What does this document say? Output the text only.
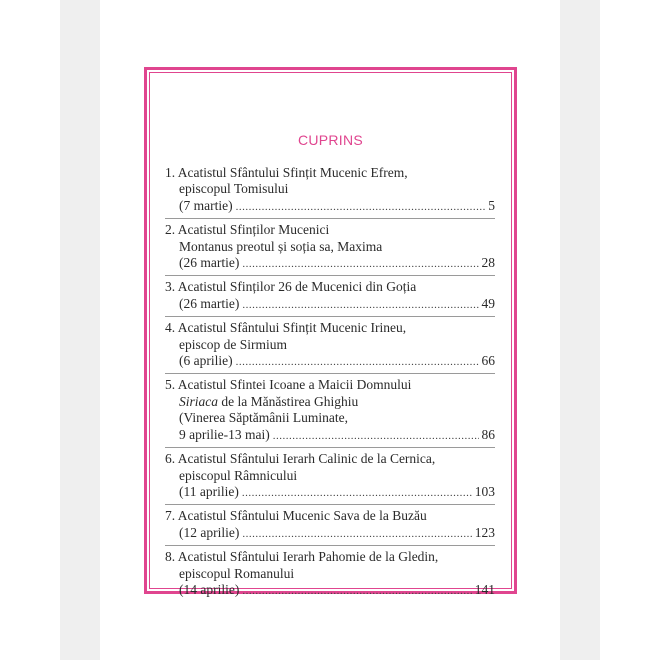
CUPRINS
1. Acatistul Sfântului Sfințit Mucenic Efrem,
episcopul Tomisului
(7 martie) .....	5
2. Acatistul Sfinților Mucenici
Montanus preotul și soția sa, Maxima
(26 martie) .....	28
3. Acatistul Sfinților 26 de Mucenici din Goția
(26 martie) .....	49
4. Acatistul Sfântului Sfințit Mucenic Irineu,
episcop de Sirmium
(6 aprilie) .....	66
5. Acatistul Sfintei Icoane a Maicii Domnului
Siriaca de la Mănăstirea Ghighiu
(Vinerea Săptămânii Luminate,
9 aprilie-13 mai) .....	86
6. Acatistul Sfântului Ierarh Calinic de la Cernica,
episcopul Râmnicului
(11 aprilie) .....	103
7. Acatistul Sfântului Mucenic Sava de la Buzău
(12 aprilie) .....	123
8. Acatistul Sfântului Ierarh Pahomie de la Gledin,
episcopul Romanului
(14 aprilie) .....	141
